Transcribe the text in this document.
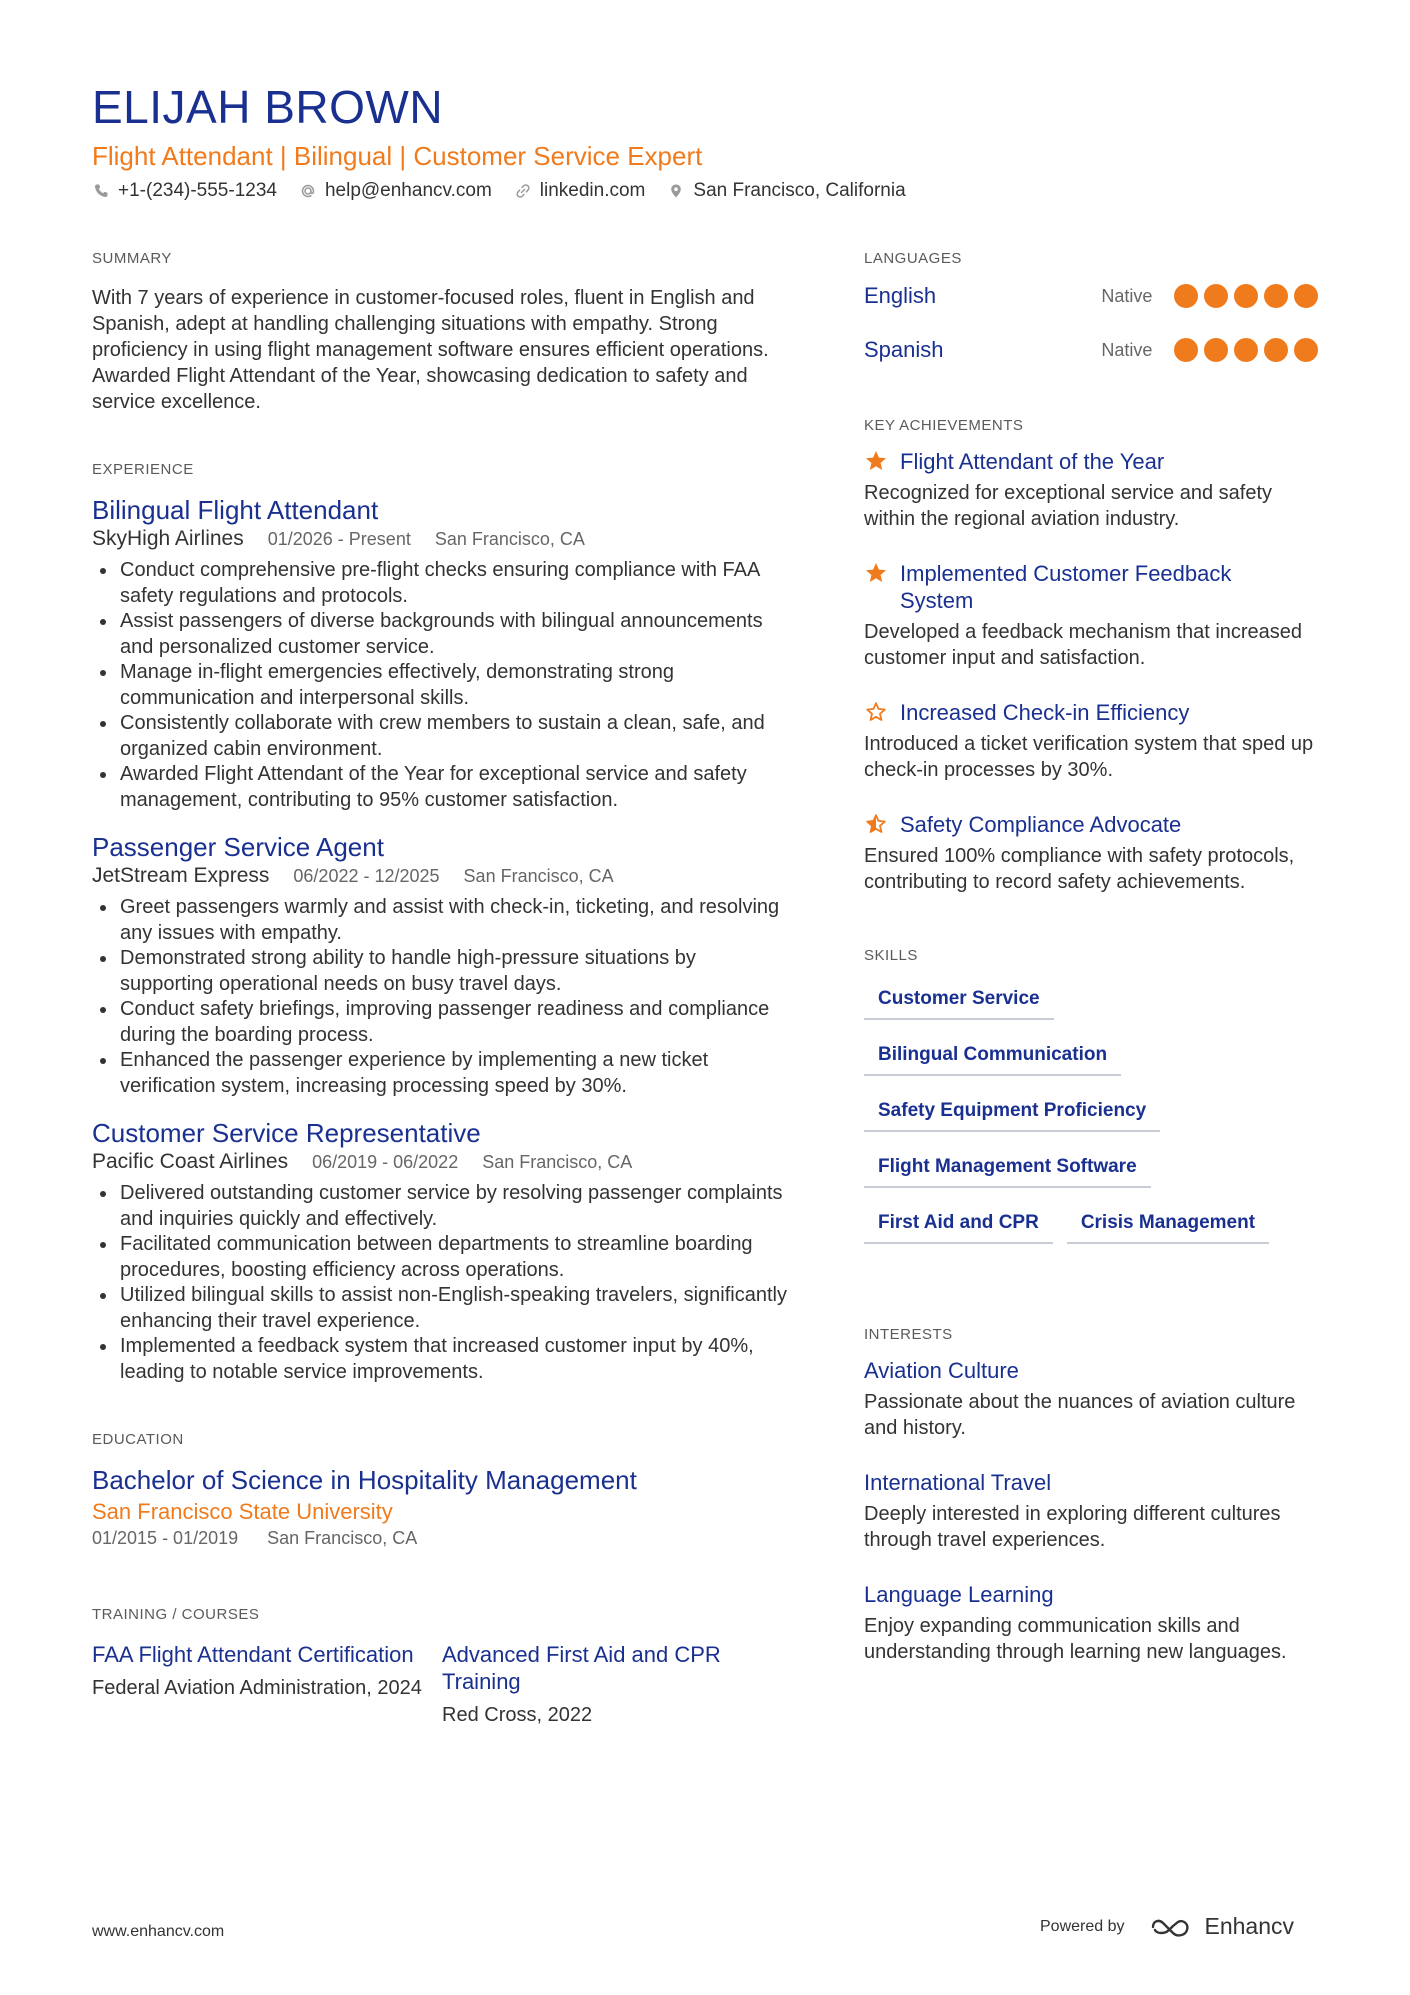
ELIJAH BROWN
Flight Attendant | Bilingual | Customer Service Expert
+1-(234)-555-1234	help@enhancv.com	linkedin.com	San Francisco, California
SUMMARY

With 7 years of experience in customer-focused roles, fluent in English and Spanish, adept at handling challenging situations with empathy. Strong proficiency in using flight management software ensures efficient operations. Awarded Flight Attendant of the Year, showcasing dedication to safety and service excellence.

EXPERIENCE
Bilingual Flight Attendant
SkyHigh Airlines 01/2026 - Present San Francisco, CA
Conduct comprehensive pre-flight checks ensuring compliance with FAA safety regulations and protocols.
Assist passengers of diverse backgrounds with bilingual announcements and personalized customer service.
Manage in-flight emergencies effectively, demonstrating strong communication and interpersonal skills.
Consistently collaborate with crew members to sustain a clean, safe, and organized cabin environment.
Awarded Flight Attendant of the Year for exceptional service and safety management, contributing to 95% customer satisfaction.
Passenger Service Agent
JetStream Express 06/2022 - 12/2025 San Francisco, CA
Greet passengers warmly and assist with check-in, ticketing, and resolving any issues with empathy.
Demonstrated strong ability to handle high-pressure situations by supporting operational needs on busy travel days.
Conduct safety briefings, improving passenger readiness and compliance during the boarding process.
Enhanced the passenger experience by implementing a new ticket verification system, increasing processing speed by 30%.
Customer Service Representative
Pacific Coast Airlines 06/2019 - 06/2022 San Francisco, CA
Delivered outstanding customer service by resolving passenger complaints and inquiries quickly and effectively.
Facilitated communication between departments to streamline boarding procedures, boosting efficiency across operations.
Utilized bilingual skills to assist non-English-speaking travelers, significantly enhancing their travel experience.
Implemented a feedback system that increased customer input by 40%, leading to notable service improvements.
EDUCATION
Bachelor of Science in Hospitality Management
San Francisco State University
01/2015 - 01/2019 San Francisco, CA
TRAINING / COURSES
FAA Flight Attendant Certification
Federal Aviation Administration, 2024
Advanced First Aid and CPR Training
Red Cross, 2022
LANGUAGES
English	Native
Spanish	Native
KEY ACHIEVEMENTS
Flight Attendant of the Year
Recognized for exceptional service and safety within the regional aviation industry.
Implemented Customer Feedback System
Developed a feedback mechanism that increased customer input and satisfaction.
Increased Check-in Efficiency
Introduced a ticket verification system that sped up check-in processes by 30%.
Safety Compliance Advocate
Ensured 100% compliance with safety protocols, contributing to record safety achievements.
SKILLS
Customer Service
Bilingual Communication
Safety Equipment Proficiency
Flight Management Software
First Aid and CPR	Crisis Management
INTERESTS
Aviation Culture
Passionate about the nuances of aviation culture and history.
International Travel
Deeply interested in exploring different cultures through travel experiences.
Language Learning
Enjoy expanding communication skills and understanding through learning new languages.
www.enhancv.com	Powered by	Enhancv
